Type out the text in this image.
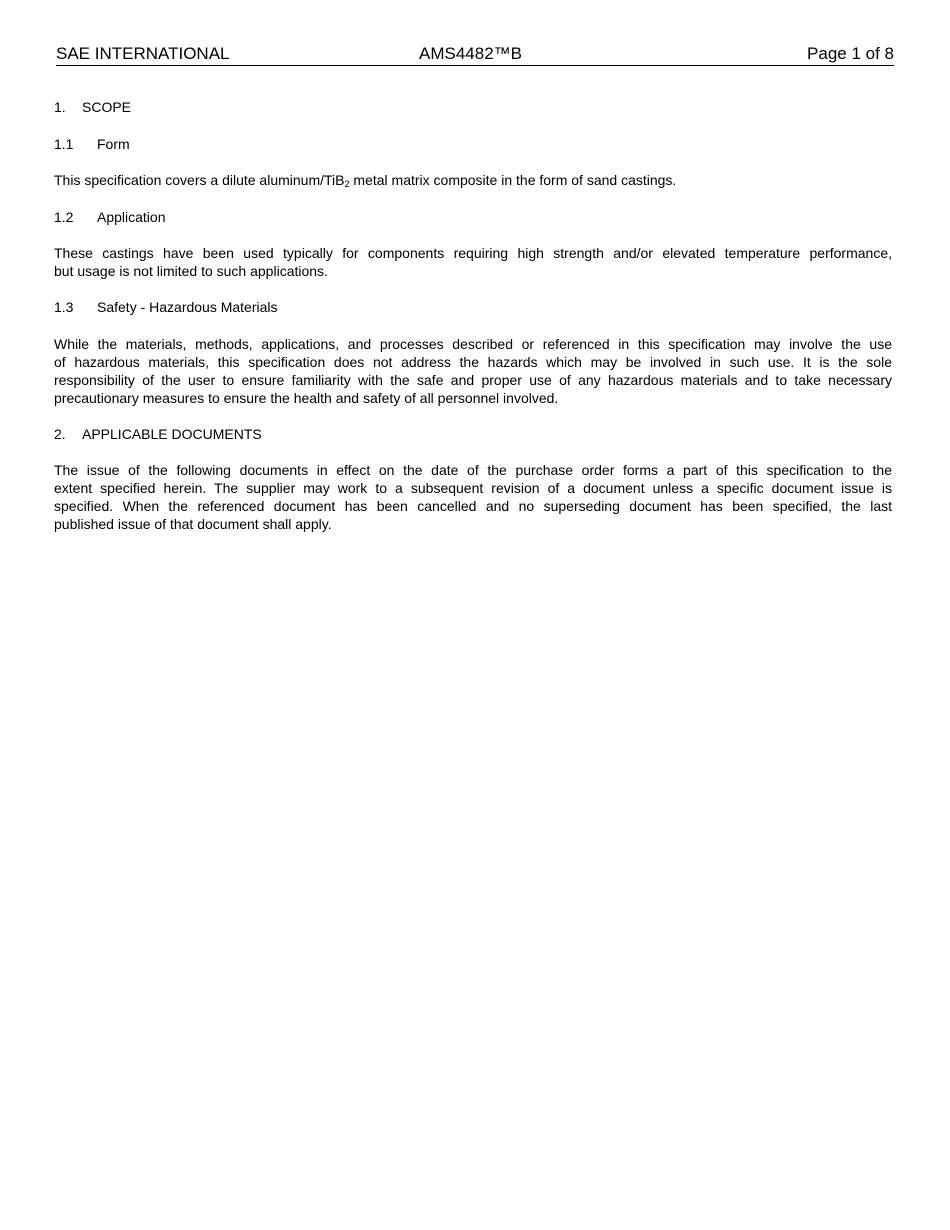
SAE INTERNATIONAL	AMS4482™B	Page 1 of 8
1. SCOPE
1.1 Form
This specification covers a dilute aluminum/TiB$_2$ metal matrix composite in the form of sand castings.
1.2 Application
These castings have been used typically for components requiring high strength and/or elevated temperature performance,
but usage is not limited to such applications.
1.3 Safety - Hazardous Materials
While the materials, methods, applications, and processes described or referenced in this specification may involve the use
of hazardous materials, this specification does not address the hazards which may be involved in such use. It is the sole
responsibility of the user to ensure familiarity with the safe and proper use of any hazardous materials and to take necessary
precautionary measures to ensure the health and safety of all personnel involved.
2. APPLICABLE DOCUMENTS
The issue of the following documents in effect on the date of the purchase order forms a part of this specification to the
extent specified herein. The supplier may work to a subsequent revision of a document unless a specific document issue is
specified. When the referenced document has been cancelled and no superseding document has been specified, the last
published issue of that document shall apply.
